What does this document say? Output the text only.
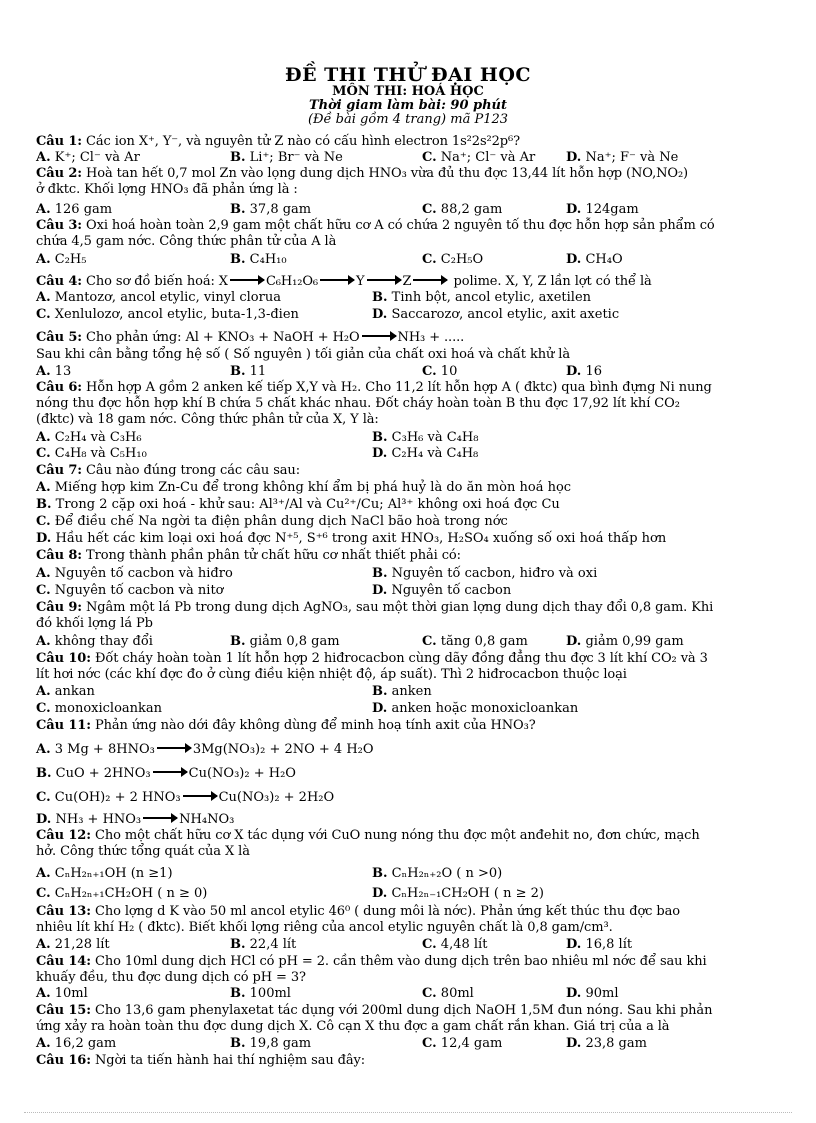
ĐỀ THI THỬ ĐẠI HỌC
MÔN THI: HOÁ HỌC
Thời giam làm bài: 90 phút
(Đề bài gồm 4 trang) mã P123
Câu 1: Các ion X⁺, Y⁻, và nguyên tử Z nào có cấu hình electron 1s²2s²2p⁶?
A. K⁺; Cl⁻ và Ar	B. Li⁺; Br⁻ và Ne	C. Na⁺; Cl⁻ và Ar D. Na⁺; F⁻ và Ne
Câu 2: Hoà tan hết 0,7 mol Zn vào lọng dung dịch HNO₃ vừa đủ thu đợc 13,44 lít hỗn hợp (NO,NO₂)
ở đktc. Khối lợng HNO₃ đã phản ứng là :
A. 126 gam	B. 37,8 gam	C. 88,2 gam	D. 124gam
Câu 3: Oxi hoá hoàn toàn 2,9 gam một chất hữu cơ A có chứa 2 nguyên tố thu đợc hỗn hợp sản phẩm có
chứa 4,5 gam nớc. Công thức phân tử của A là
A. C₂H₅	B. C₄H₁₀	C. C₂H₅O	D. CH₄O
Câu 4: Cho sơ đồ biến hoá: X → C₆H₁₂O₆ → Y → Z → polime. X, Y, Z lần lợt có thể là
A. Mantozơ, ancol etylic, vinyl clorua	B. Tinh bột, ancol etylic, axetilen
C. Xenlulozơ, ancol etylic, buta-1,3-đien	D. Saccarozơ, ancol etylic, axit axetic
Câu 5: Cho phản ứng: Al + KNO₃ + NaOH + H₂O → NH₃ + .....
Sau khi cân bằng tổng hệ số ( Số nguyên ) tối giản của chất oxi hoá và chất khử là
A. 13	B. 11	C. 10	D. 16
Câu 6: Hỗn hợp A gồm 2 anken kế tiếp X,Y và H₂. Cho 11,2 lít hỗn hợp A ( đktc) qua bình đựng Ni nung
nóng thu đợc hỗn hợp khí B chứa 5 chất khác nhau. Đốt cháy hoàn toàn B thu đợc 17,92 lít khí CO₂
(đktc) và 18 gam nớc. Công thức phân tử của X, Y là:
A. C₂H₄ và C₃H₆	B. C₃H₆ và C₄H₈
C. C₄H₈ và C₅H₁₀	D. C₂H₄ và C₄H₈
Câu 7: Câu nào đúng trong các câu sau:
A. Miếng hợp kim Zn-Cu để trong không khí ẩm bị phá huỷ là do ăn mòn hoá học
B. Trong 2 cặp oxi hoá - khử sau: Al³⁺/Al và Cu²⁺/Cu; Al³⁺ không oxi hoá đợc Cu
C. Để điều chế Na ngời ta điện phân dung dịch NaCl bão hoà trong nớc
D. Hầu hết các kim loại oxi hoá đợc N⁺⁵, S⁺⁶ trong axit HNO₃, H₂SO₄ xuống số oxi hoá thấp hơn
Câu 8: Trong thành phần phân tử chất hữu cơ nhất thiết phải có:
A. Nguyên tố cacbon và hiđro	B. Nguyên tố cacbon, hiđro và oxi
C. Nguyên tố cacbon và nitơ	D. Nguyên tố cacbon
Câu 9: Ngâm một lá Pb trong dung dịch AgNO₃, sau một thời gian lợng dung dịch thay đổi 0,8 gam. Khi
đó khối lợng lá Pb
A. không thay đổi	B. giảm 0,8 gam	C. tăng 0,8 gam	D. giảm 0,99 gam
Câu 10: Đốt cháy hoàn toàn 1 lít hỗn hợp 2 hiđrocacbon cùng dãy đồng đẳng thu đợc 3 lít khí CO₂ và 3
lít hơi nớc (các khí đợc đo ở cùng điều kiện nhiệt độ, áp suất). Thì 2 hiđrocacbon thuộc loại
A. ankan	B. anken
C. monoxicloankan	D. anken hoặc monoxicloankan
Câu 11: Phản ứng nào dới đây không dùng để minh hoạ tính axit của HNO₃?
A. 3 Mg + 8HNO₃ → 3Mg(NO₃)₂ + 2NO + 4 H₂O
B. CuO + 2HNO₃ → Cu(NO₃)₂ + H₂O
C. Cu(OH)₂ + 2 HNO₃ → Cu(NO₃)₂ + 2H₂O
D. NH₃ + HNO₃ → NH₄NO₃
Câu 12: Cho một chất hữu cơ X tác dụng với CuO nung nóng thu đợc một anđehit no, đơn chức, mạch
hở. Công thức tổng quát của X là
A. CₙH₂ₙ₊₁OH (n ≥1)	B. CₙH₂ₙ₊₂O ( n >0)
C. CₙH₂ₙ₊₁CH₂OH ( n ≥ 0)	D. CₙH₂ₙ₋₁CH₂OH ( n ≥ 2)
Câu 13: Cho lợng d K vào 50 ml ancol etylic 46⁰ ( dung môi là nớc). Phản ứng kết thúc thu đợc bao
nhiêu lít khí H₂ ( đktc). Biết khối lợng riêng của ancol etylic nguyên chất là 0,8 gam/cm³.
A. 21,28 lít	B. 22,4 lít	C. 4,48 lít	D. 16,8 lít
Câu 14: Cho 10ml dung dịch HCl có pH = 2. cần thêm vào dung dịch trên bao nhiêu ml nớc để sau khi
khuấy đều, thu đợc dung dịch có pH = 3?
A. 10ml	B. 100ml	C. 80ml	D. 90ml
Câu 15: Cho 13,6 gam phenylaxetat tác dụng với 200ml dung dịch NaOH 1,5M đun nóng. Sau khi phản
ứng xảy ra hoàn toàn thu đợc dung dịch X. Cô cạn X thu đợc a gam chất rắn khan. Giá trị của a là
A. 16,2 gam	B. 19,8 gam	C. 12,4 gam	D. 23,8 gam
Câu 16: Ngời ta tiến hành hai thí nghiệm sau đây:
